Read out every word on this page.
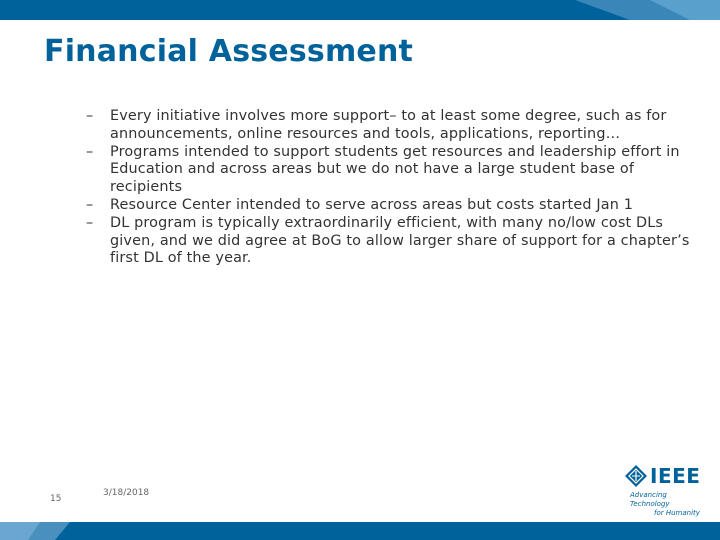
Financial Assessment
– Every initiative involves more support– to at least some degree, such as for announcements, online resources and tools, applications, reporting…
– Programs intended to support students get resources and leadership effort in Education and across areas but we do not have a large student base of recipients
– Resource Center intended to serve across areas but costs started Jan 1
– DL program is typically extraordinarily efficient, with many no/low cost DLs given, and we did agree at BoG to allow larger share of support for a chapter’s first DL of the year.
15
3/18/2018
IEEE
Advancing Technology
for Humanity
